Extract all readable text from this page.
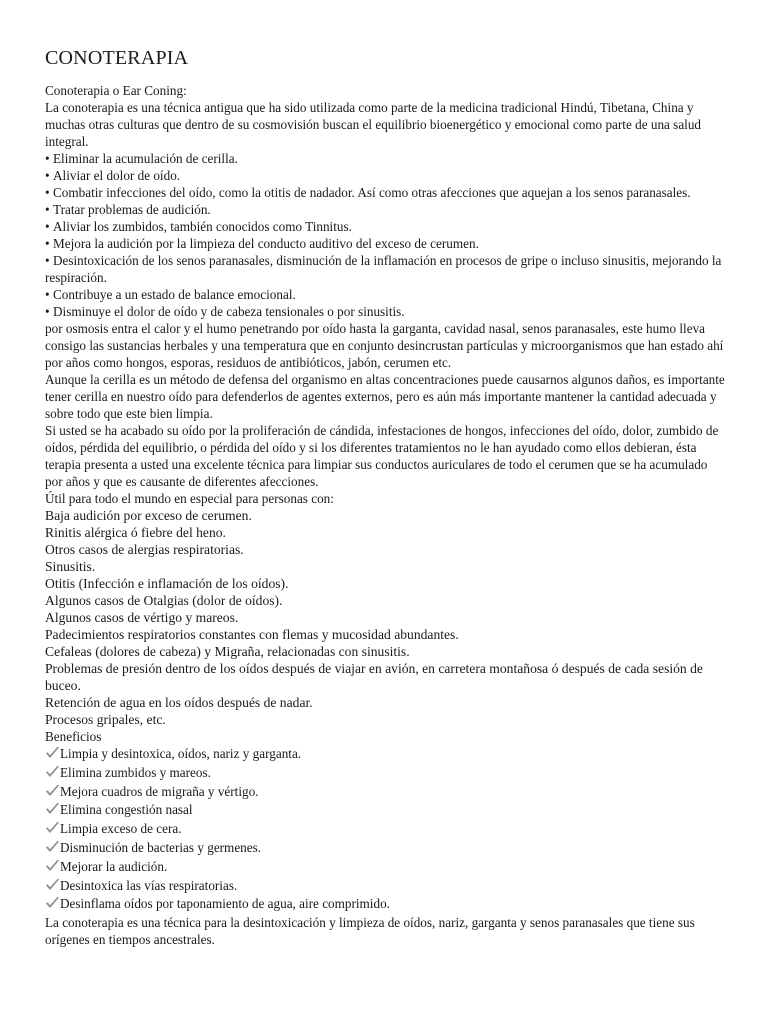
CONOTERAPIA

Conoterapia o Ear Coning:

La conoterapia es una técnica antigua que ha sido utilizada como parte de la medicina tradicional Hindú, Tibetana, China y muchas otras culturas que dentro de su cosmovisión buscan el equilibrio bioenergético y emocional como parte de una salud integral.

• Eliminar la acumulación de cerilla.

• Aliviar el dolor de oído.

• Combatir infecciones del oído, como la otitis de nadador. Así como otras afecciones que aquejan a los senos paranasales.

• Tratar problemas de audición.

• Aliviar los zumbidos, también conocidos como Tinnitus.

• Mejora la audición por la limpieza del conducto auditivo del exceso de cerumen.

• Desintoxicación de los senos paranasales, disminución de la inflamación en procesos de gripe o incluso sinusitis, mejorando la respiración.

• Contribuye a un estado de balance emocional.

• Disminuye el dolor de oído y de cabeza tensionales o por sinusitis.

por osmosis entra el calor y el humo penetrando por oído hasta la garganta, cavidad nasal, senos paranasales, este humo lleva consigo las sustancias herbales y una temperatura que en conjunto desincrustan partículas y microorganismos que han estado ahí por años como hongos, esporas, residuos de antibióticos, jabón, cerumen etc.

Aunque la cerilla es un método de defensa del organismo en altas concentraciones puede causarnos algunos daños, es importante tener cerilla en nuestro oído para defenderlos de agentes externos, pero es aún más importante mantener la cantidad adecuada y sobre todo que este bien limpia.

Si usted se ha acabado su oído por la proliferación de cándida, infestaciones de hongos, infecciones del oído, dolor, zumbido de oídos, pérdida del equilibrio, o pérdida del oído y si los diferentes tratamientos no le han ayudado como ellos debieran, ésta terapia presenta a usted una excelente técnica para limpiar sus conductos auriculares de todo el cerumen que se ha acumulado por años y que es causante de diferentes afecciones.

Útil para todo el mundo en especial para personas con:

Baja audición por exceso de cerumen.

Rinitis alérgica ó fiebre del heno.

Otros casos de alergias respiratorias.

Sinusitis.

Otitis (Infección e inflamación de los oídos).

Algunos casos de Otalgias (dolor de oídos).

Algunos casos de vértigo y mareos.

Padecimientos respiratorios constantes con flemas y mucosidad abundantes.

Cefaleas (dolores de cabeza) y Migraña, relacionadas con sinusitis.

Problemas de presión dentro de los oídos después de viajar en avión, en carretera montañosa ó después de cada sesión de buceo.

Retención de agua en los oídos después de nadar.

Procesos gripales, etc.

Beneficios

Limpia y desintoxica, oídos, nariz y garganta.
Elimina zumbidos y mareos.
Mejora cuadros de migraña y vértigo.
Elimina congestión nasal
Limpia exceso de cera.
Disminución de bacterias y germenes.
Mejorar la audición.
Desintoxica las vías respiratorias.
Desinflama oídos por taponamiento de agua, aire comprimido.

La conoterapia es una técnica para la desintoxicación y limpieza de oídos, nariz, garganta y senos paranasales que tiene sus orígenes en tiempos ancestrales.
